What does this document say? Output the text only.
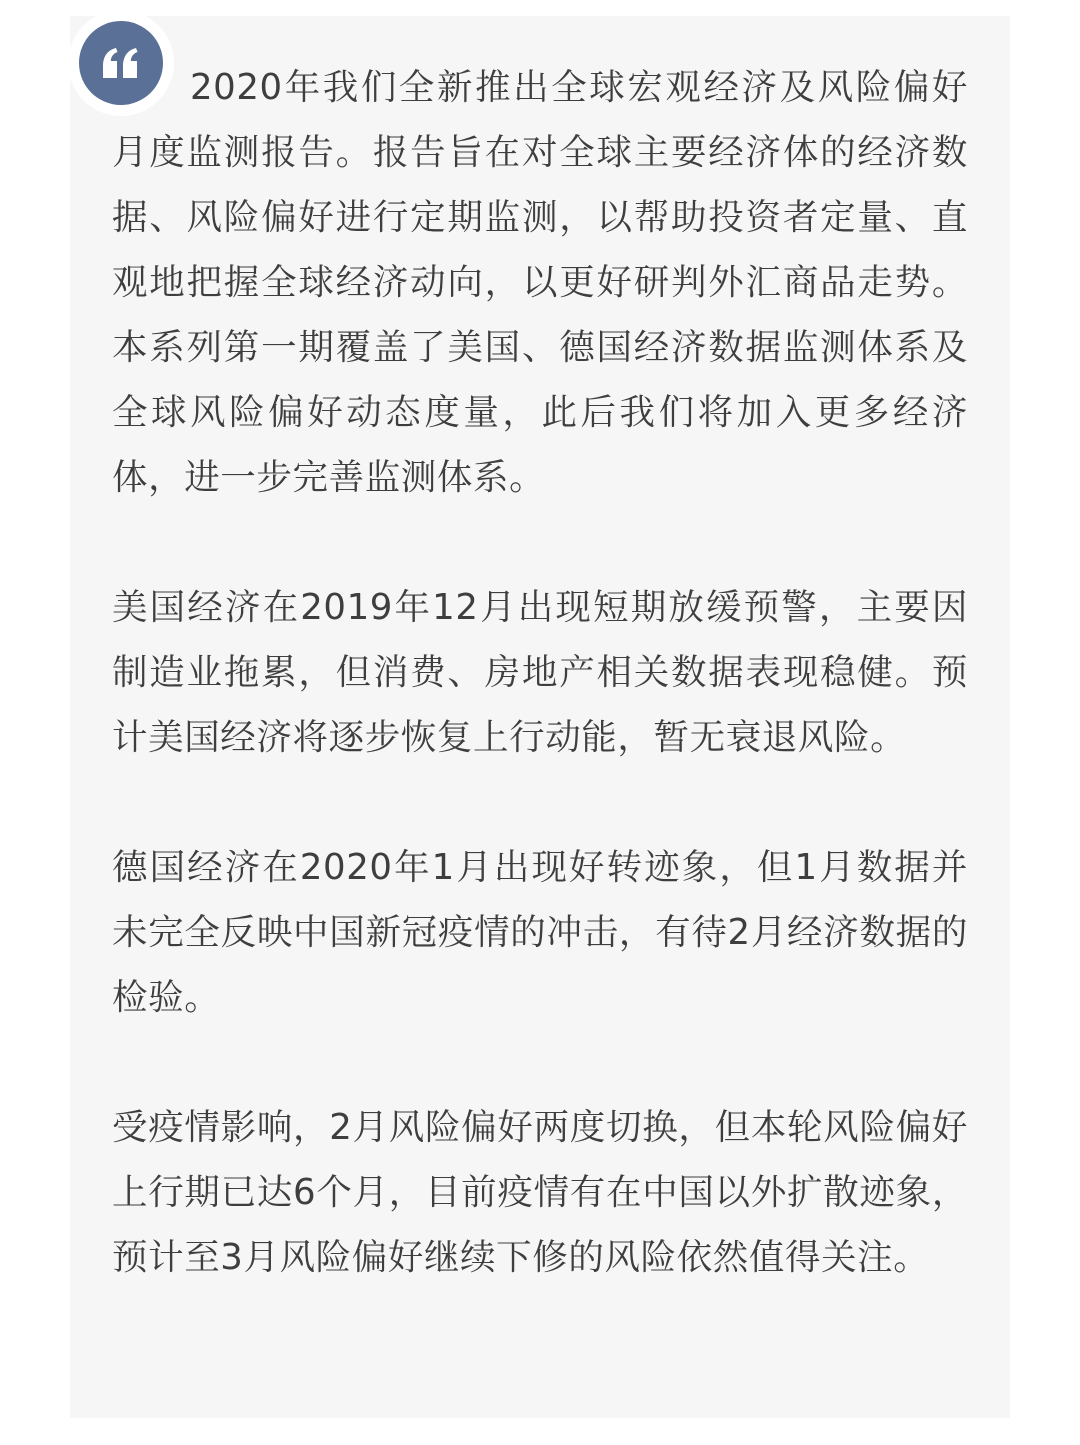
2020年我们全新推出全球宏观经济及风险偏好月度监测报告。报告旨在对全球主要经济体的经济数据、风险偏好进行定期监测，以帮助投资者定量、直观地把握全球经济动向，以更好研判外汇商品走势。本系列第一期覆盖了美国、德国经济数据监测体系及全球风险偏好动态度量，此后我们将加入更多经济体，进一步完善监测体系。

美国经济在2019年12月出现短期放缓预警，主要因制造业拖累，但消费、房地产相关数据表现稳健。预计美国经济将逐步恢复上行动能，暂无衰退风险。

德国经济在2020年1月出现好转迹象，但1月数据并未完全反映中国新冠疫情的冲击，有待2月经济数据的检验。

受疫情影响，2月风险偏好两度切换，但本轮风险偏好上行期已达6个月，目前疫情有在中国以外扩散迹象，预计至3月风险偏好继续下修的风险依然值得关注。
